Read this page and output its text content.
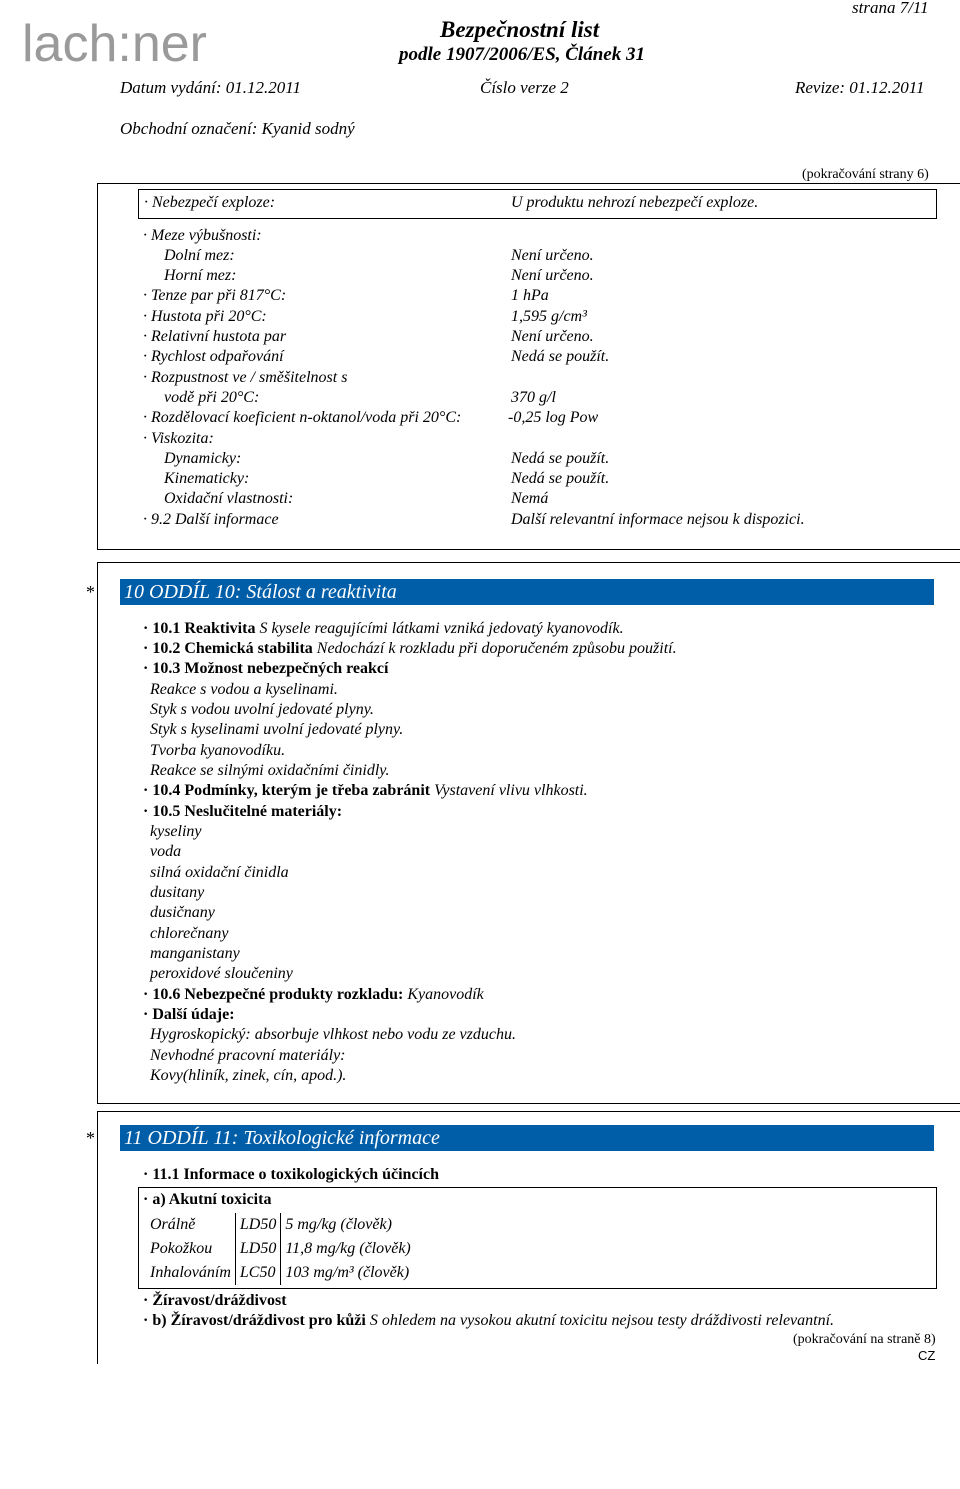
lach:ner
strana 7/11
Bezpečnostní list
podle 1907/2006/ES, Článek 31
Datum vydání: 01.12.2011	Číslo verze 2	Revize: 01.12.2011
Obchodní označení: Kyanid sodný
(pokračování strany 6)
· Nebezpečí exploze:	U produktu nehrozí nebezpečí exploze.
· Meze výbušnosti:
Dolní mez:	Není určeno.
Horní mez:	Není určeno.
· Tenze par při 817°C:	1 hPa
· Hustota při 20°C:	1,595 g/cm³
· Relativní hustota par	Není určeno.
· Rychlost odpařování	Nedá se použít.
· Rozpustnost ve / směšitelnost s
vodě při 20°C:	370 g/l
· Rozdělovací koeficient n-oktanol/voda při 20°C:	-0,25 log Pow
· Viskozita:
Dynamicky:	Nedá se použít.
Kinematicky:	Nedá se použít.
Oxidační vlastnosti:	Nemá
· 9.2 Další informace	Další relevantní informace nejsou k dispozici.
* 10 ODDÍL 10: Stálost a reaktivita
· 10.1 Reaktivita S kysele reagujícími látkami vzniká jedovatý kyanovodík.
· 10.2 Chemická stabilita Nedochází k rozkladu při doporučeném způsobu použití.
· 10.3 Možnost nebezpečných reakcí
Reakce s vodou a kyselinami.
Styk s vodou uvolní jedovaté plyny.
Styk s kyselinami uvolní jedovaté plyny.
Tvorba kyanovodíku.
Reakce se silnými oxidačními činidly.
· 10.4 Podmínky, kterým je třeba zabránit Vystavení vlivu vlhkosti.
· 10.5 Neslučitelné materiály:
kyseliny
voda
silná oxidační činidla
dusitany
dusičnany
chlorečnany
manganistany
peroxidové sloučeniny
· 10.6 Nebezpečné produkty rozkladu: Kyanovodík
· Další údaje:
Hygroskopický: absorbuje vlhkost nebo vodu ze vzduchu.
Nevhodné pracovní materiály:
Kovy(hliník, zinek, cín, apod.).
* 11 ODDÍL 11: Toxikologické informace
· 11.1 Informace o toxikologických účincích
· a) Akutní toxicita
Orálně	LD50	5 mg/kg (člověk)
Pokožkou	LD50	11,8 mg/kg (člověk)
Inhalováním	LC50	103 mg/m³ (člověk)
· Žíravost/dráždivost
· b) Žíravost/dráždivost pro kůži S ohledem na vysokou akutní toxicitu nejsou testy dráždivosti relevantní.
(pokračování na straně 8)
CZ
